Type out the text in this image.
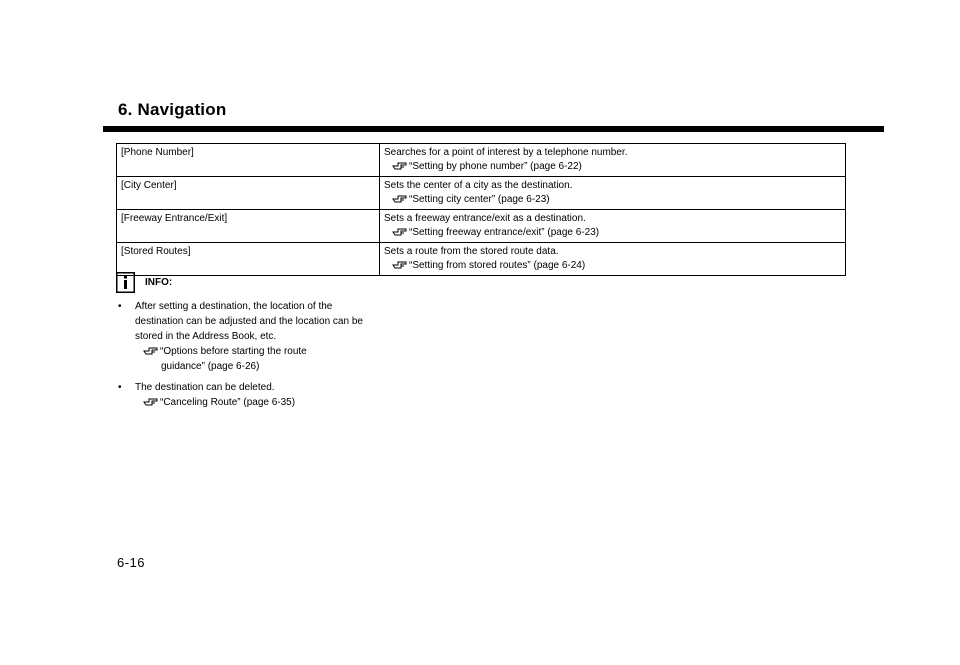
6. Navigation
[Phone Number]	Searches for a point of interest by a telephone number.
“Setting by phone number” (page 6-22)

[City Center]	Sets the center of a city as the destination.
“Setting city center” (page 6-23)

[Freeway Entrance/Exit]	Sets a freeway entrance/exit as a destination.
“Setting freeway entrance/exit” (page 6-23)

[Stored Routes]	Sets a route from the stored route data.
“Setting from stored routes” (page 6-24)
INFO:
• After setting a destination, the location of the destination can be adjusted and the location can be stored in the Address Book, etc.
“Options before starting the route
guidance” (page 6-26)
• The destination can be deleted.
“Canceling Route” (page 6-35)
6-16
